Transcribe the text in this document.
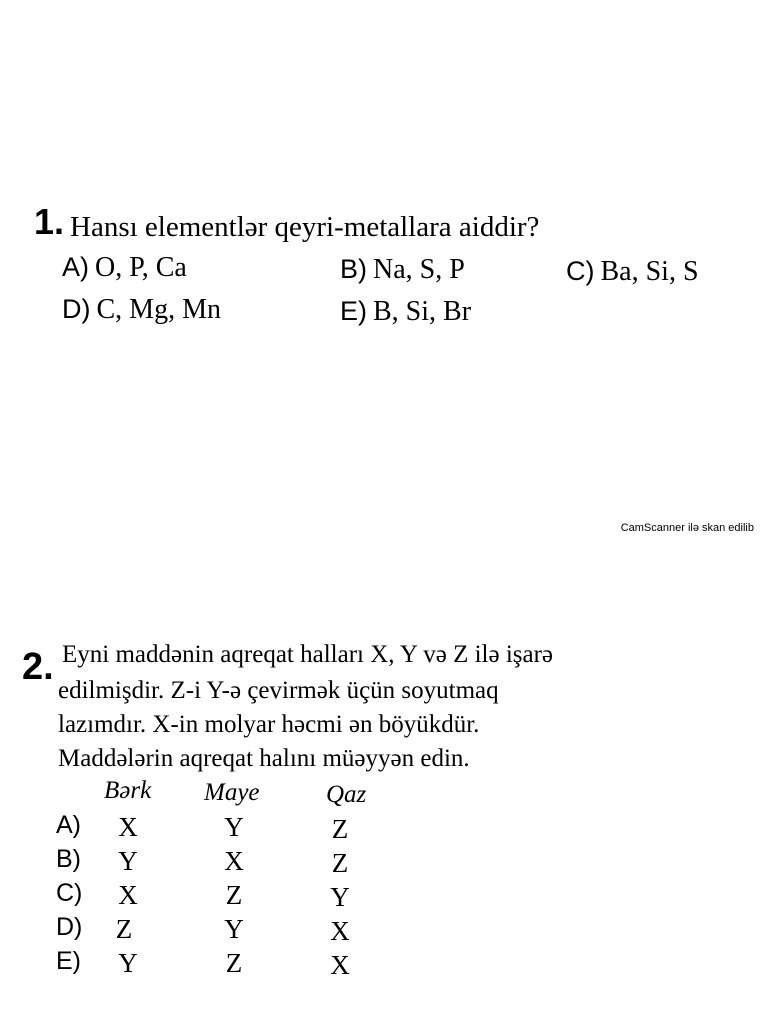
1. Hansı elementlər qeyri-metallara aiddir?
A) O, P, Ca	B) Na, S, P	C) Ba, Si, S
D) C, Mg, Mn	E) B, Si, Br
CamScanner ilə skan edilib
2. Eyni maddənin aqreqat halları X, Y və Z ilə işarə
edilmişdir. Z-i Y-ə çevirmək üçün soyutmaq
lazımdır. X-in molyar həcmi ən böyükdür.
Maddələrin aqreqat halını müəyyən edin.
Bərk Maye	Qaz
A)	X	Y	Z
B)	Y	X	Z
C)	X	Z	Y
D)	Z	Y	X
E)	Y	Z	X
